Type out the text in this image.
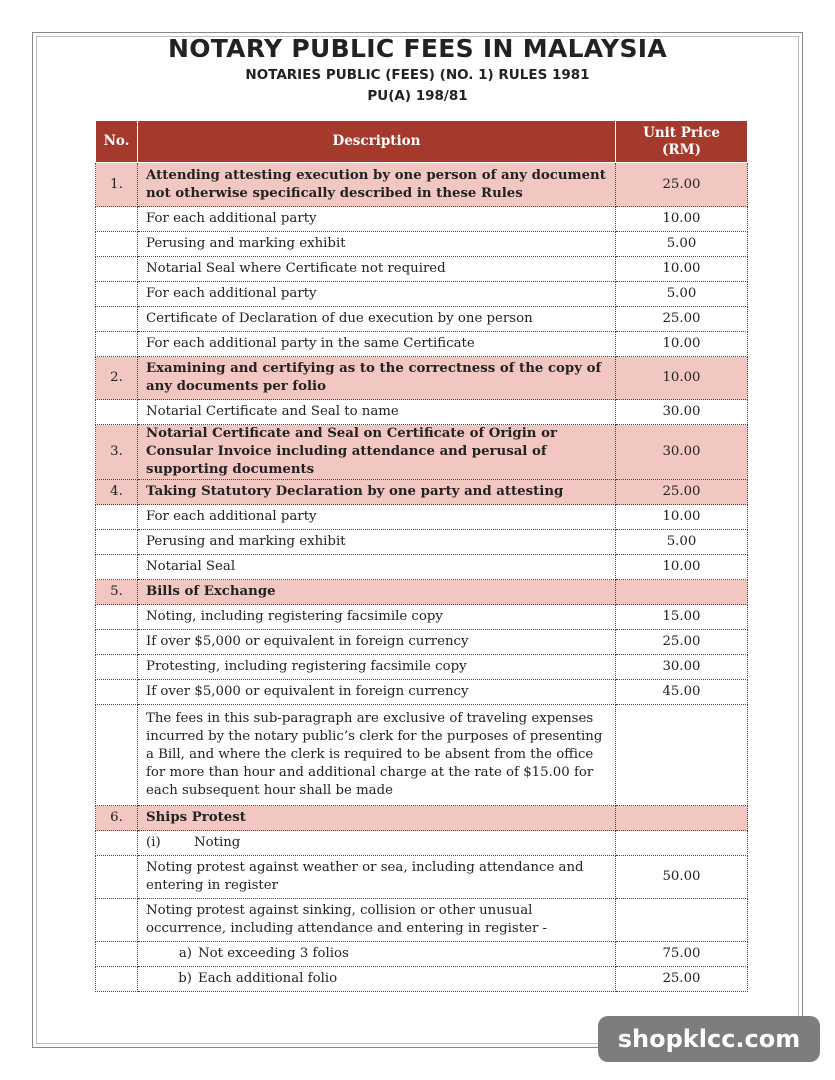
NOTARY PUBLIC FEES IN MALAYSIA
NOTARIES PUBLIC (FEES) (NO. 1) RULES 1981
PU(A) 198/81
No.	Description	Unit Price (RM)
1.	Attending attesting execution by one person of any document not otherwise specifically described in these Rules	25.00
	For each additional party	10.00
	Perusing and marking exhibit	5.00
	Notarial Seal where Certificate not required	10.00
	For each additional party	5.00
	Certificate of Declaration of due execution by one person	25.00
	For each additional party in the same Certificate	10.00
2.	Examining and certifying as to the correctness of the copy of any documents per folio	10.00
	Notarial Certificate and Seal to name	30.00
3.	Notarial Certificate and Seal on Certificate of Origin or Consular Invoice including attendance and perusal of supporting documents	30.00
4.	Taking Statutory Declaration by one party and attesting	25.00
	For each additional party	10.00
	Perusing and marking exhibit	5.00
	Notarial Seal	10.00
5.	Bills of Exchange	
	Noting, including registering facsimile copy	15.00
	If over $5,000 or equivalent in foreign currency	25.00
	Protesting, including registering facsimile copy	30.00
	If over $5,000 or equivalent in foreign currency	45.00
	The fees in this sub-paragraph are exclusive of traveling expenses incurred by the notary public’s clerk for the purposes of presenting a Bill, and where the clerk is required to be absent from the office for more than hour and additional charge at the rate of $15.00 for each subsequent hour shall be made	
6.	Ships Protest	
	(i) Noting	
	Noting protest against weather or sea, including attendance and entering in register	50.00
	Noting protest against sinking, collision or other unusual occurrence, including attendance and entering in register -	
	a) Not exceeding 3 folios	75.00
	b) Each additional folio	25.00
shopklcc.com
